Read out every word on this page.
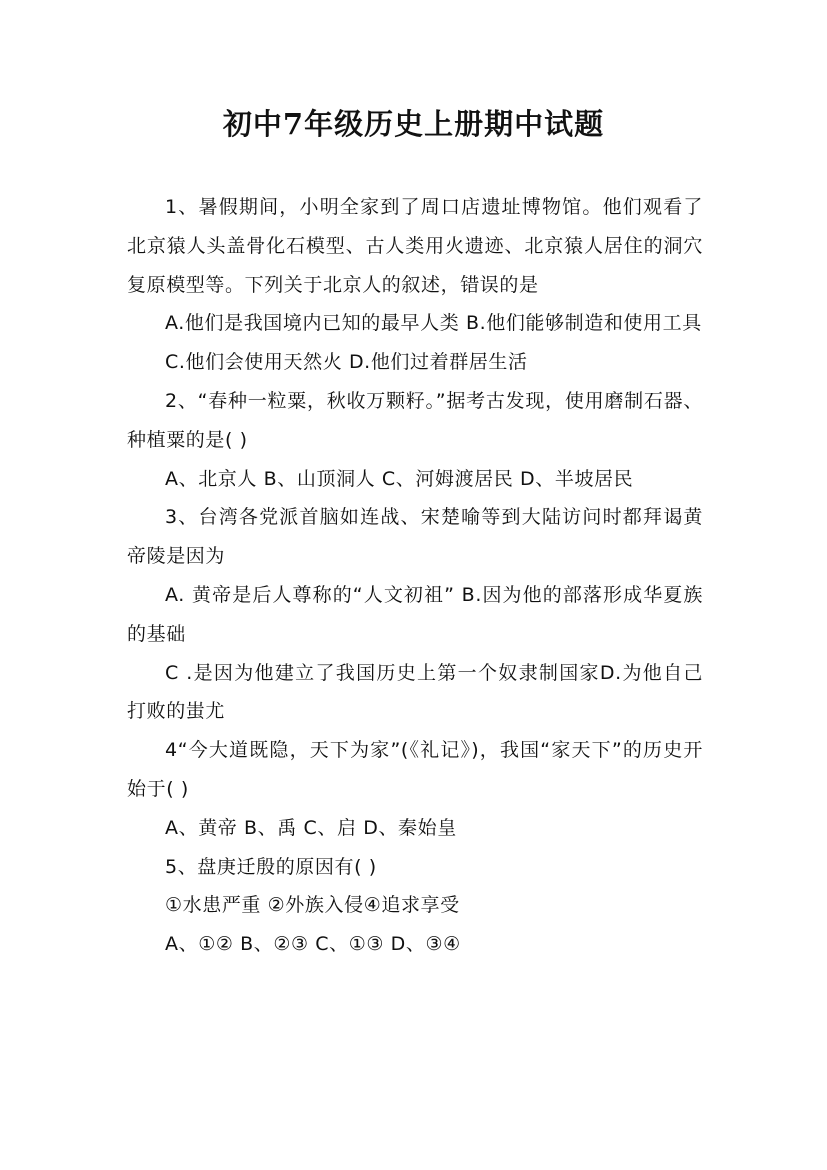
初中7年级历史上册期中试题

1、暑假期间，小明全家到了周口店遗址博物馆。他们观看了北京猿人头盖骨化石模型、古人类用火遗迹、北京猿人居住的洞穴复原模型等。下列关于北京人的叙述，错误的是

A.他们是我国境内已知的最早人类 B.他们能够制造和使用工具

C.他们会使用天然火 D.他们过着群居生活

2、“春种一粒粟，秋收万颗籽。”据考古发现，使用磨制石器、种植粟的是( )

A、北京人 B、山顶洞人 C、河姆渡居民 D、半坡居民

3、台湾各党派首脑如连战、宋楚喻等到大陆访问时都拜谒黄帝陵是因为

A. 黄帝是后人尊称的“人文初祖” B.因为他的部落形成华夏族的基础

C .是因为他建立了我国历史上第一个奴隶制国家D.为他自己打败的蚩尤

4“今大道既隐，天下为家”(《礼记》)，我国“家天下”的历史开始于( )

A、黄帝 B、禹 C、启 D、秦始皇

5、盘庚迁殷的原因有( )

①水患严重 ②外族入侵④追求享受

A、①② B、②③ C、①③ D、③④
